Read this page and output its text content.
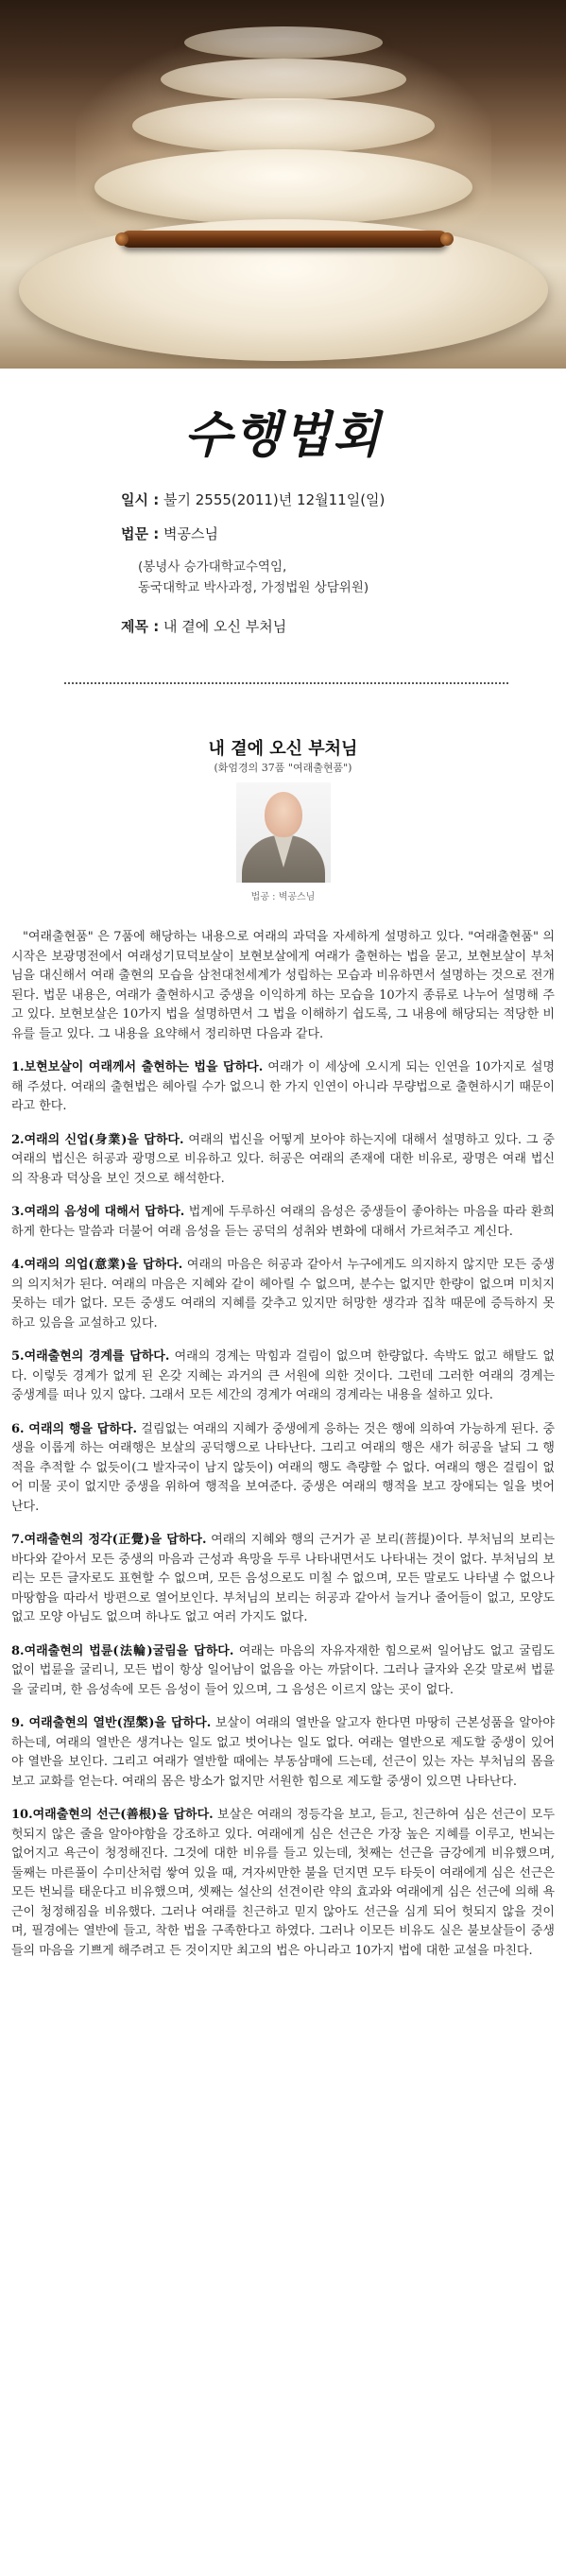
수행법회
일시 : 불기 2555(2011)년 12월11일(일)
법문 : 벽공스님
(봉녕사 승가대학교수역임,
동국대학교 박사과정, 가정법원 상담위원)
제목 : 내 곁에 오신 부처님
내 곁에 오신 부처님
(화엄경의 37품 "여래출현품")
법공 : 벽공스님

"여래출현품" 은 7품에 해당하는 내용으로 여래의 과덕을 자세하게 설명하고 있다. "여래출현품" 의 시작은 보광명전에서 여래성기묘덕보살이 보현보살에게 여래가 출현하는 법을 묻고, 보현보살이 부처님을 대신해서 여래 출현의 모습을 삼천대천세계가 성립하는 모습과 비유하면서 설명하는 것으로 전개된다. 법문 내용은, 여래가 출현하시고 중생을 이익하게 하는 모습을 10가지 종류로 나누어 설명해 주고 있다. 보현보살은 10가지 법을 설명하면서 그 법을 이해하기 쉽도록, 그 내용에 해당되는 적당한 비유를 들고 있다. 그 내용을 요약해서 정리하면 다음과 같다.

1.보현보살이 여래께서 출현하는 법을 답하다. 여래가 이 세상에 오시게 되는 인연을 10가지로 설명해 주셨다. 여래의 출현법은 헤아릴 수가 없으니 한 가지 인연이 아니라 무량법으로 출현하시기 때문이라고 한다.

2.여래의 신업(身業)을 답하다. 여래의 법신을 어떻게 보아야 하는지에 대해서 설명하고 있다. 그 중 여래의 법신은 허공과 광명으로 비유하고 있다. 허공은 여래의 존재에 대한 비유로, 광명은 여래 법신의 작용과 덕상을 보인 것으로 해석한다.

3.여래의 음성에 대해서 답하다. 법계에 두루하신 여래의 음성은 중생들이 좋아하는 마음을 따라 환희하게 한다는 말씀과 더불어 여래 음성을 듣는 공덕의 성취와 변화에 대해서 가르쳐주고 계신다.

4.여래의 의업(意業)을 답하다. 여래의 마음은 허공과 같아서 누구에게도 의지하지 않지만 모든 중생의 의지처가 된다. 여래의 마음은 지혜와 같이 헤아릴 수 없으며, 분수는 없지만 한량이 없으며 미치지 못하는 데가 없다. 모든 중생도 여래의 지혜를 갖추고 있지만 허망한 생각과 집착 때문에 증득하지 못하고 있음을 교설하고 있다.

5.여래출현의 경계를 답하다. 여래의 경계는 막힘과 걸림이 없으며 한량없다. 속박도 없고 해탈도 없다. 이렇듯 경계가 없게 된 온갖 지혜는 과거의 큰 서원에 의한 것이다. 그런데 그러한 여래의 경계는 중생계를 떠나 있지 않다. 그래서 모든 세간의 경계가 여래의 경계라는 내용을 설하고 있다.

6. 여래의 행을 답하다. 걸림없는 여래의 지혜가 중생에게 응하는 것은 행에 의하여 가능하게 된다. 중생을 이롭게 하는 여래행은 보살의 공덕행으로 나타난다. 그리고 여래의 행은 새가 허공을 날되 그 행적을 추적할 수 없듯이(그 발자국이 남지 않듯이) 여래의 행도 측량할 수 없다. 여래의 행은 걸림이 없어 미물 곳이 없지만 중생을 위하여 행적을 보여준다. 중생은 여래의 행적을 보고 장애되는 일을 벗어난다.

7.여래출현의 정각(正覺)을 답하다. 여래의 지혜와 행의 근거가 곧 보리(菩提)이다. 부처님의 보리는 바다와 같아서 모든 중생의 마음과 근성과 욕망을 두루 나타내면서도 나타내는 것이 없다. 부처님의 보리는 모든 글자로도 표현할 수 없으며, 모든 음성으로도 미칠 수 없으며, 모든 말로도 나타낼 수 없으나 마땅함을 따라서 방편으로 열어보인다. 부처님의 보리는 허공과 같아서 늘거나 줄어들이 없고, 모양도 없고 모양 아님도 없으며 하나도 없고 여러 가지도 없다.

8.여래출현의 법륜(法輪)굴림을 답하다. 여래는 마음의 자유자재한 힘으로써 일어남도 없고 굴림도 없이 법륜을 굴리니, 모든 법이 항상 일어남이 없음을 아는 까닭이다. 그러나 글자와 온갖 말로써 법륜을 굴리며, 한 음성속에 모든 음성이 들어 있으며, 그 음성은 이르지 않는 곳이 없다.

9. 여래출현의 열반(涅槃)을 답하다. 보살이 여래의 열반을 알고자 한다면 마땅히 근본성품을 알아야 하는데, 여래의 열반은 생겨나는 일도 없고 벗어나는 일도 없다. 여래는 열반으로 제도할 중생이 있어야 열반을 보인다. 그리고 여래가 열반할 때에는 부동삼매에 드는데, 선근이 있는 자는 부처님의 몸을 보고 교화를 얻는다. 여래의 몸은 방소가 없지만 서원한 힘으로 제도할 중생이 있으면 나타난다.

10.여래출현의 선근(善根)을 답하다. 보살은 여래의 정등각을 보고, 듣고, 친근하여 심은 선근이 모두 헛되지 않은 줄을 알아야함을 강조하고 있다. 여래에게 심은 선근은 가장 높은 지혜를 이루고, 번뇌는 없어지고 욕근이 청정해진다. 그것에 대한 비유를 들고 있는데, 첫째는 선근을 금강에게 비유했으며, 둘째는 마른풀이 수미산처럼 쌓여 있을 때, 겨자씨만한 불을 던지면 모두 타듯이 여래에게 심은 선근은 모든 번뇌를 태운다고 비유했으며, 셋째는 설산의 선견이란 약의 효과와 여래에게 심은 선근에 의해 욕근이 청정해짐을 비유했다. 그러나 여래를 친근하고 믿지 않아도 선근을 심게 되어 헛되지 않을 것이며, 필경에는 열반에 들고, 착한 법을 구족한다고 하였다. 그러나 이모든 비유도 실은 불보살들이 중생들의 마음을 기쁘게 해주려고 든 것이지만 최고의 법은 아니라고 10가지 법에 대한 교설을 마친다.
